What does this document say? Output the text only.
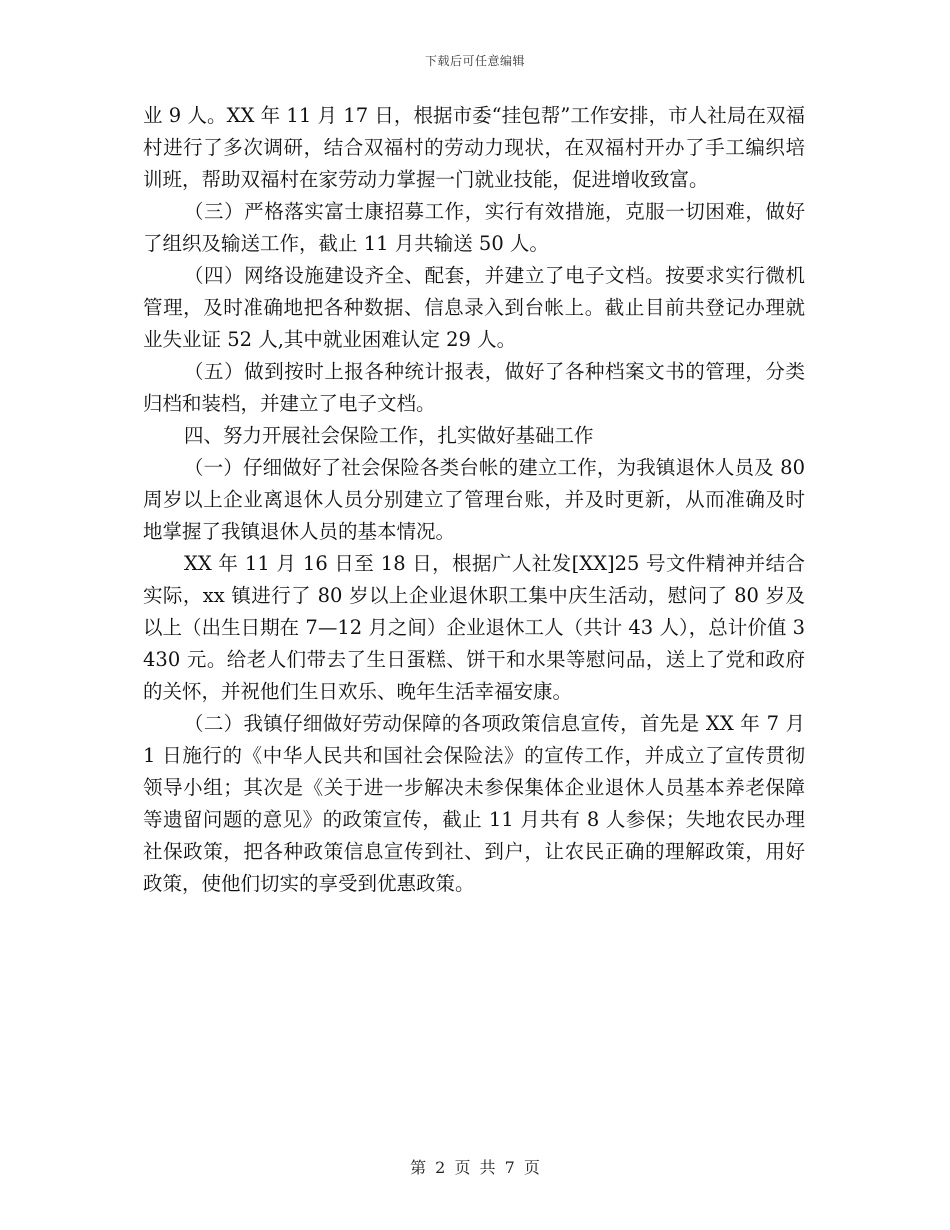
下载后可任意编辑

业 9 人。XX 年 11 月 17 日，根据市委“挂包帮”工作安排，市人社局在双福村进行了多次调研，结合双福村的劳动力现状，在双福村开办了手工编织培训班，帮助双福村在家劳动力掌握一门就业技能，促进增收致富。

（三）严格落实富士康招募工作，实行有效措施，克服一切困难，做好了组织及输送工作，截止 11 月共输送 50 人。

（四）网络设施建设齐全、配套，并建立了电子文档。按要求实行微机管理，及时准确地把各种数据、信息录入到台帐上。截止目前共登记办理就业失业证 52 人,其中就业困难认定 29 人。

（五）做到按时上报各种统计报表，做好了各种档案文书的管理，分类归档和装档，并建立了电子文档。

四、努力开展社会保险工作，扎实做好基础工作

（一）仔细做好了社会保险各类台帐的建立工作，为我镇退休人员及 80 周岁以上企业离退休人员分别建立了管理台账，并及时更新，从而准确及时地掌握了我镇退休人员的基本情况。

XX 年 11 月 16 日至 18 日，根据广人社发[XX]25 号文件精神并结合实际，xx 镇进行了 80 岁以上企业退休职工集中庆生活动，慰问了 80 岁及以上（出生日期在 7—12 月之间）企业退休工人（共计 43 人），总计价值 3430 元。给老人们带去了生日蛋糕、饼干和水果等慰问品，送上了党和政府的关怀，并祝他们生日欢乐、晚年生活幸福安康。

（二）我镇仔细做好劳动保障的各项政策信息宣传，首先是 XX 年 7 月 1 日施行的《中华人民共和国社会保险法》的宣传工作，并成立了宣传贯彻领导小组；其次是《关于进一步解决未参保集体企业退休人员基本养老保障等遗留问题的意见》的政策宣传，截止 11 月共有 8 人参保；失地农民办理社保政策，把各种政策信息宣传到社、到户，让农民正确的理解政策，用好政策，使他们切实的享受到优惠政策。

第 2 页 共 7 页
